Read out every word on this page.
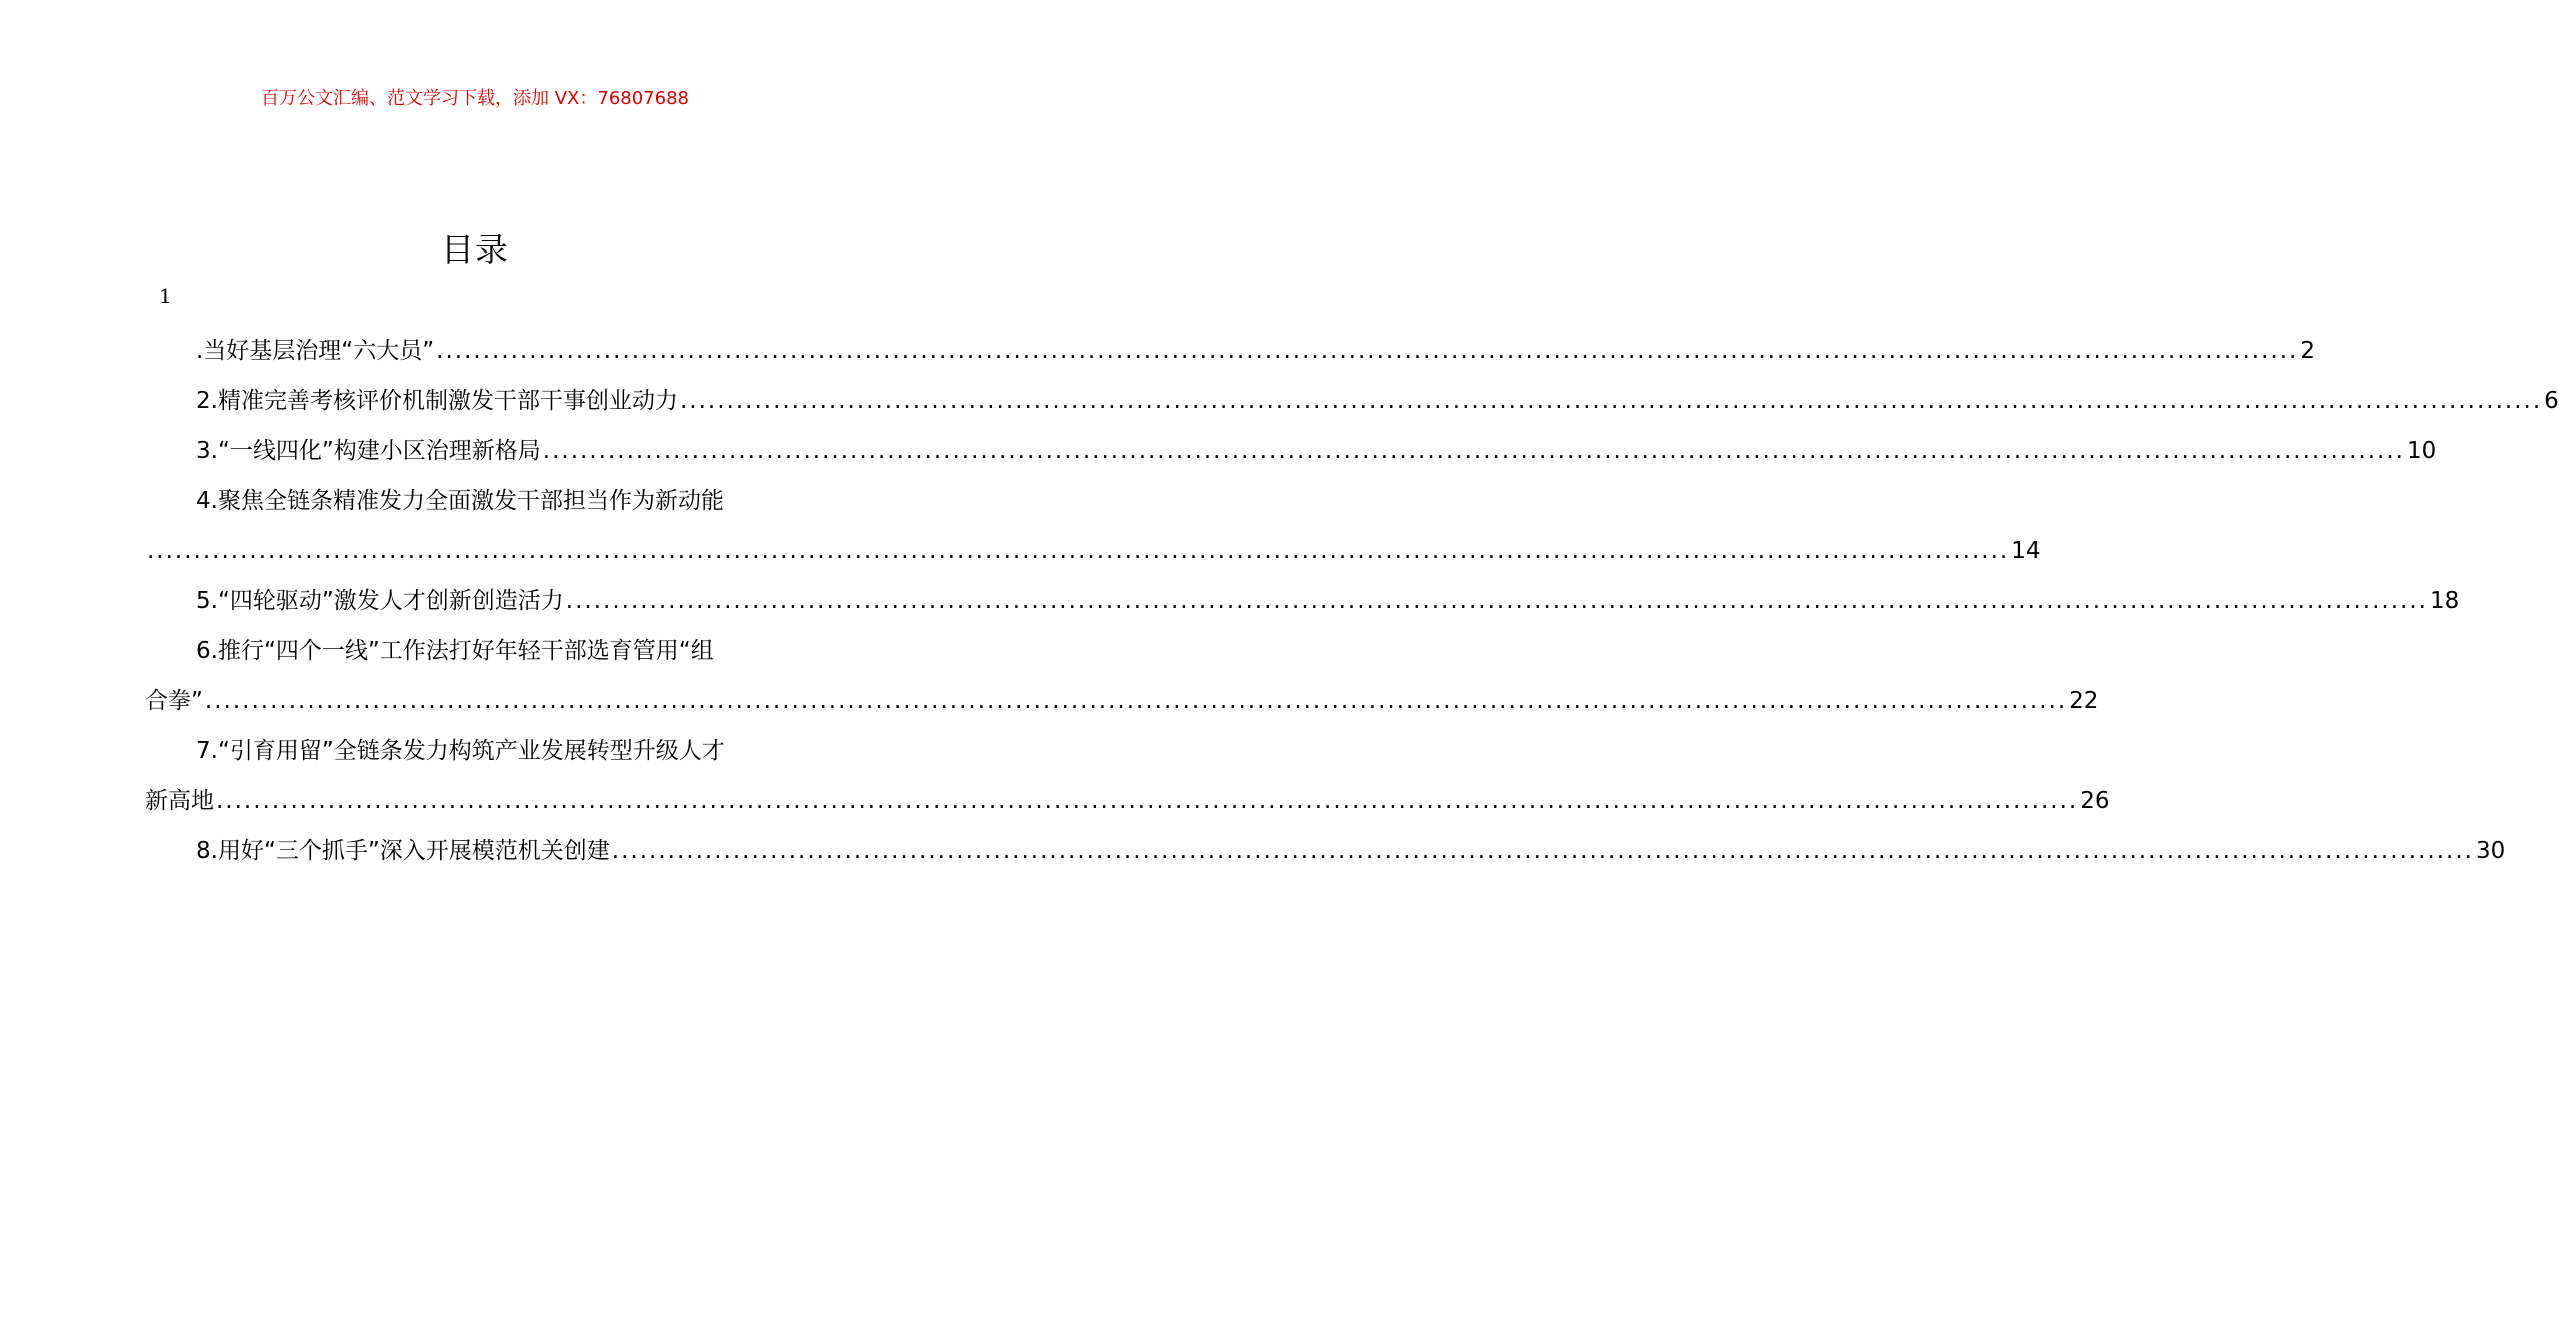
百万公文汇编、范文学习下载，添加 VX：76807688
目录
1
.当好基层治理“六大员” ........................................................................................................................................................................................................ 2
2.精准完善考核评价机制激发干部干事创业动力 ........................................................................................................................................................................................................ 6
3.“一线四化”构建小区治理新格局 ........................................................................................................................................................................................................ 10
4.聚焦全链条精准发力全面激发干部担当作为新动能
........................................................................................................................................................................................................ 14
5.“四轮驱动”激发人才创新创造活力 ........................................................................................................................................................................................................ 18
6.推行“四个一线”工作法打好年轻干部选育管用“组
合拳” ........................................................................................................................................................................................................ 22
7.“引育用留”全链条发力构筑产业发展转型升级人才
新高地 ........................................................................................................................................................................................................ 26
8.用好“三个抓手”深入开展模范机关创建 ........................................................................................................................................................................................................ 30
